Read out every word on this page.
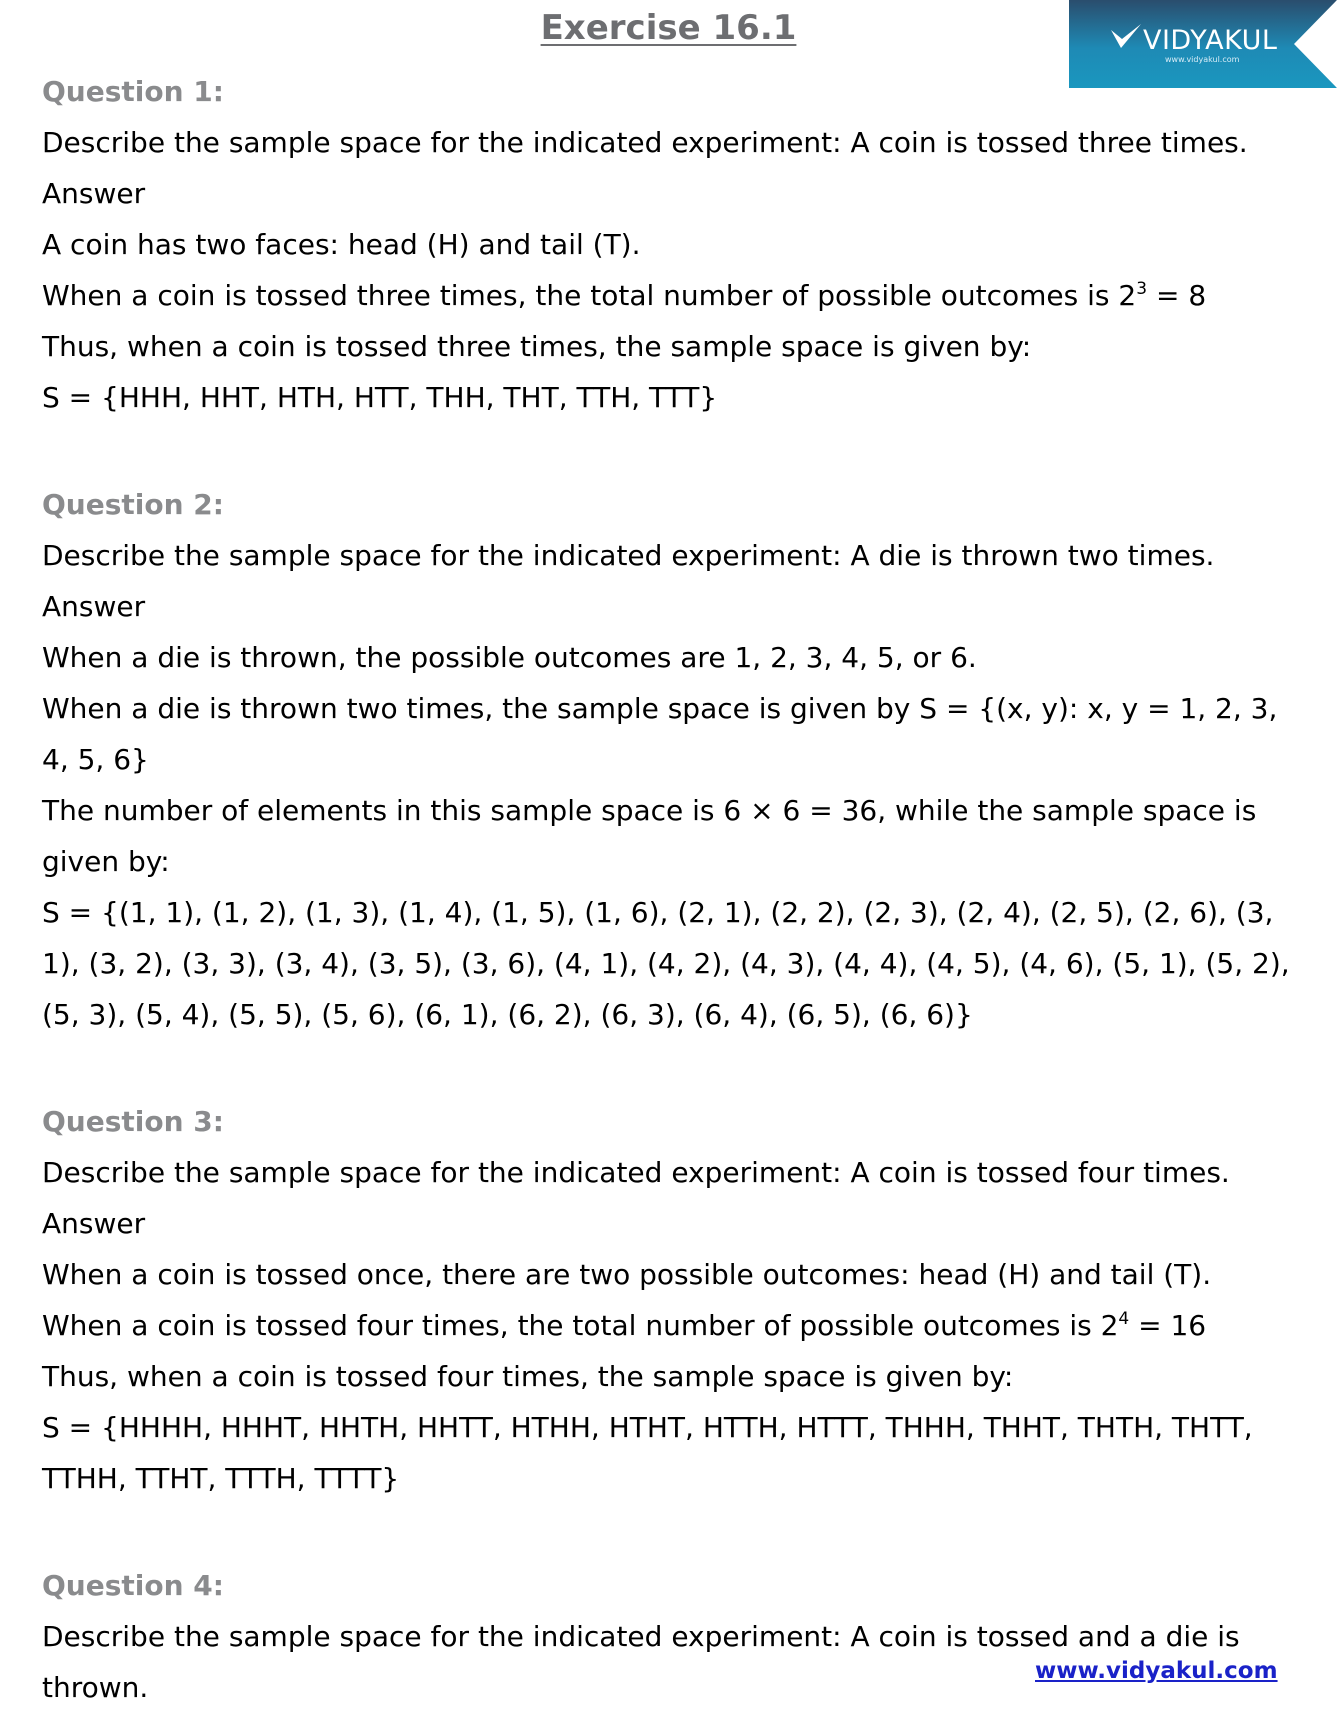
Exercise 16.1	VIDYAKUL
www.vidyakul.com

Question 1:

Describe the sample space for the indicated experiment: A coin is tossed three times.

Answer

A coin has two faces: head (H) and tail (T).

When a coin is tossed three times, the total number of possible outcomes is $2^3 = 8$

Thus, when a coin is tossed three times, the sample space is given by:

S = {HHH, HHT, HTH, HTT, THH, THT, TTH, TTT}

Question 2:

Describe the sample space for the indicated experiment: A die is thrown two times.

Answer

When a die is thrown, the possible outcomes are 1, 2, 3, 4, 5, or 6.

When a die is thrown two times, the sample space is given by S = {(x, y): x, y = 1, 2, 3, 4, 5, 6}

The number of elements in this sample space is 6 × 6 = 36, while the sample space is given by:

S = {(1, 1), (1, 2), (1, 3), (1, 4), (1, 5), (1, 6), (2, 1), (2, 2), (2, 3), (2, 4), (2, 5), (2, 6), (3, 1), (3, 2), (3, 3), (3, 4), (3, 5), (3, 6), (4, 1), (4, 2), (4, 3), (4, 4), (4, 5), (4, 6), (5, 1), (5, 2), (5, 3), (5, 4), (5, 5), (5, 6), (6, 1), (6, 2), (6, 3), (6, 4), (6, 5), (6, 6)}

Question 3:

Describe the sample space for the indicated experiment: A coin is tossed four times.

Answer

When a coin is tossed once, there are two possible outcomes: head (H) and tail (T).

When a coin is tossed four times, the total number of possible outcomes is $2^4 = 16$

Thus, when a coin is tossed four times, the sample space is given by:

S = {HHHH, HHHT, HHTH, HHTT, HTHH, HTHT, HTTH, HTTT, THHH, THHT, THTH, THTT, TTHH, TTHT, TTTH, TTTT}

Question 4:

Describe the sample space for the indicated experiment: A coin is tossed and a die is thrown.	www.vidyakul.com
